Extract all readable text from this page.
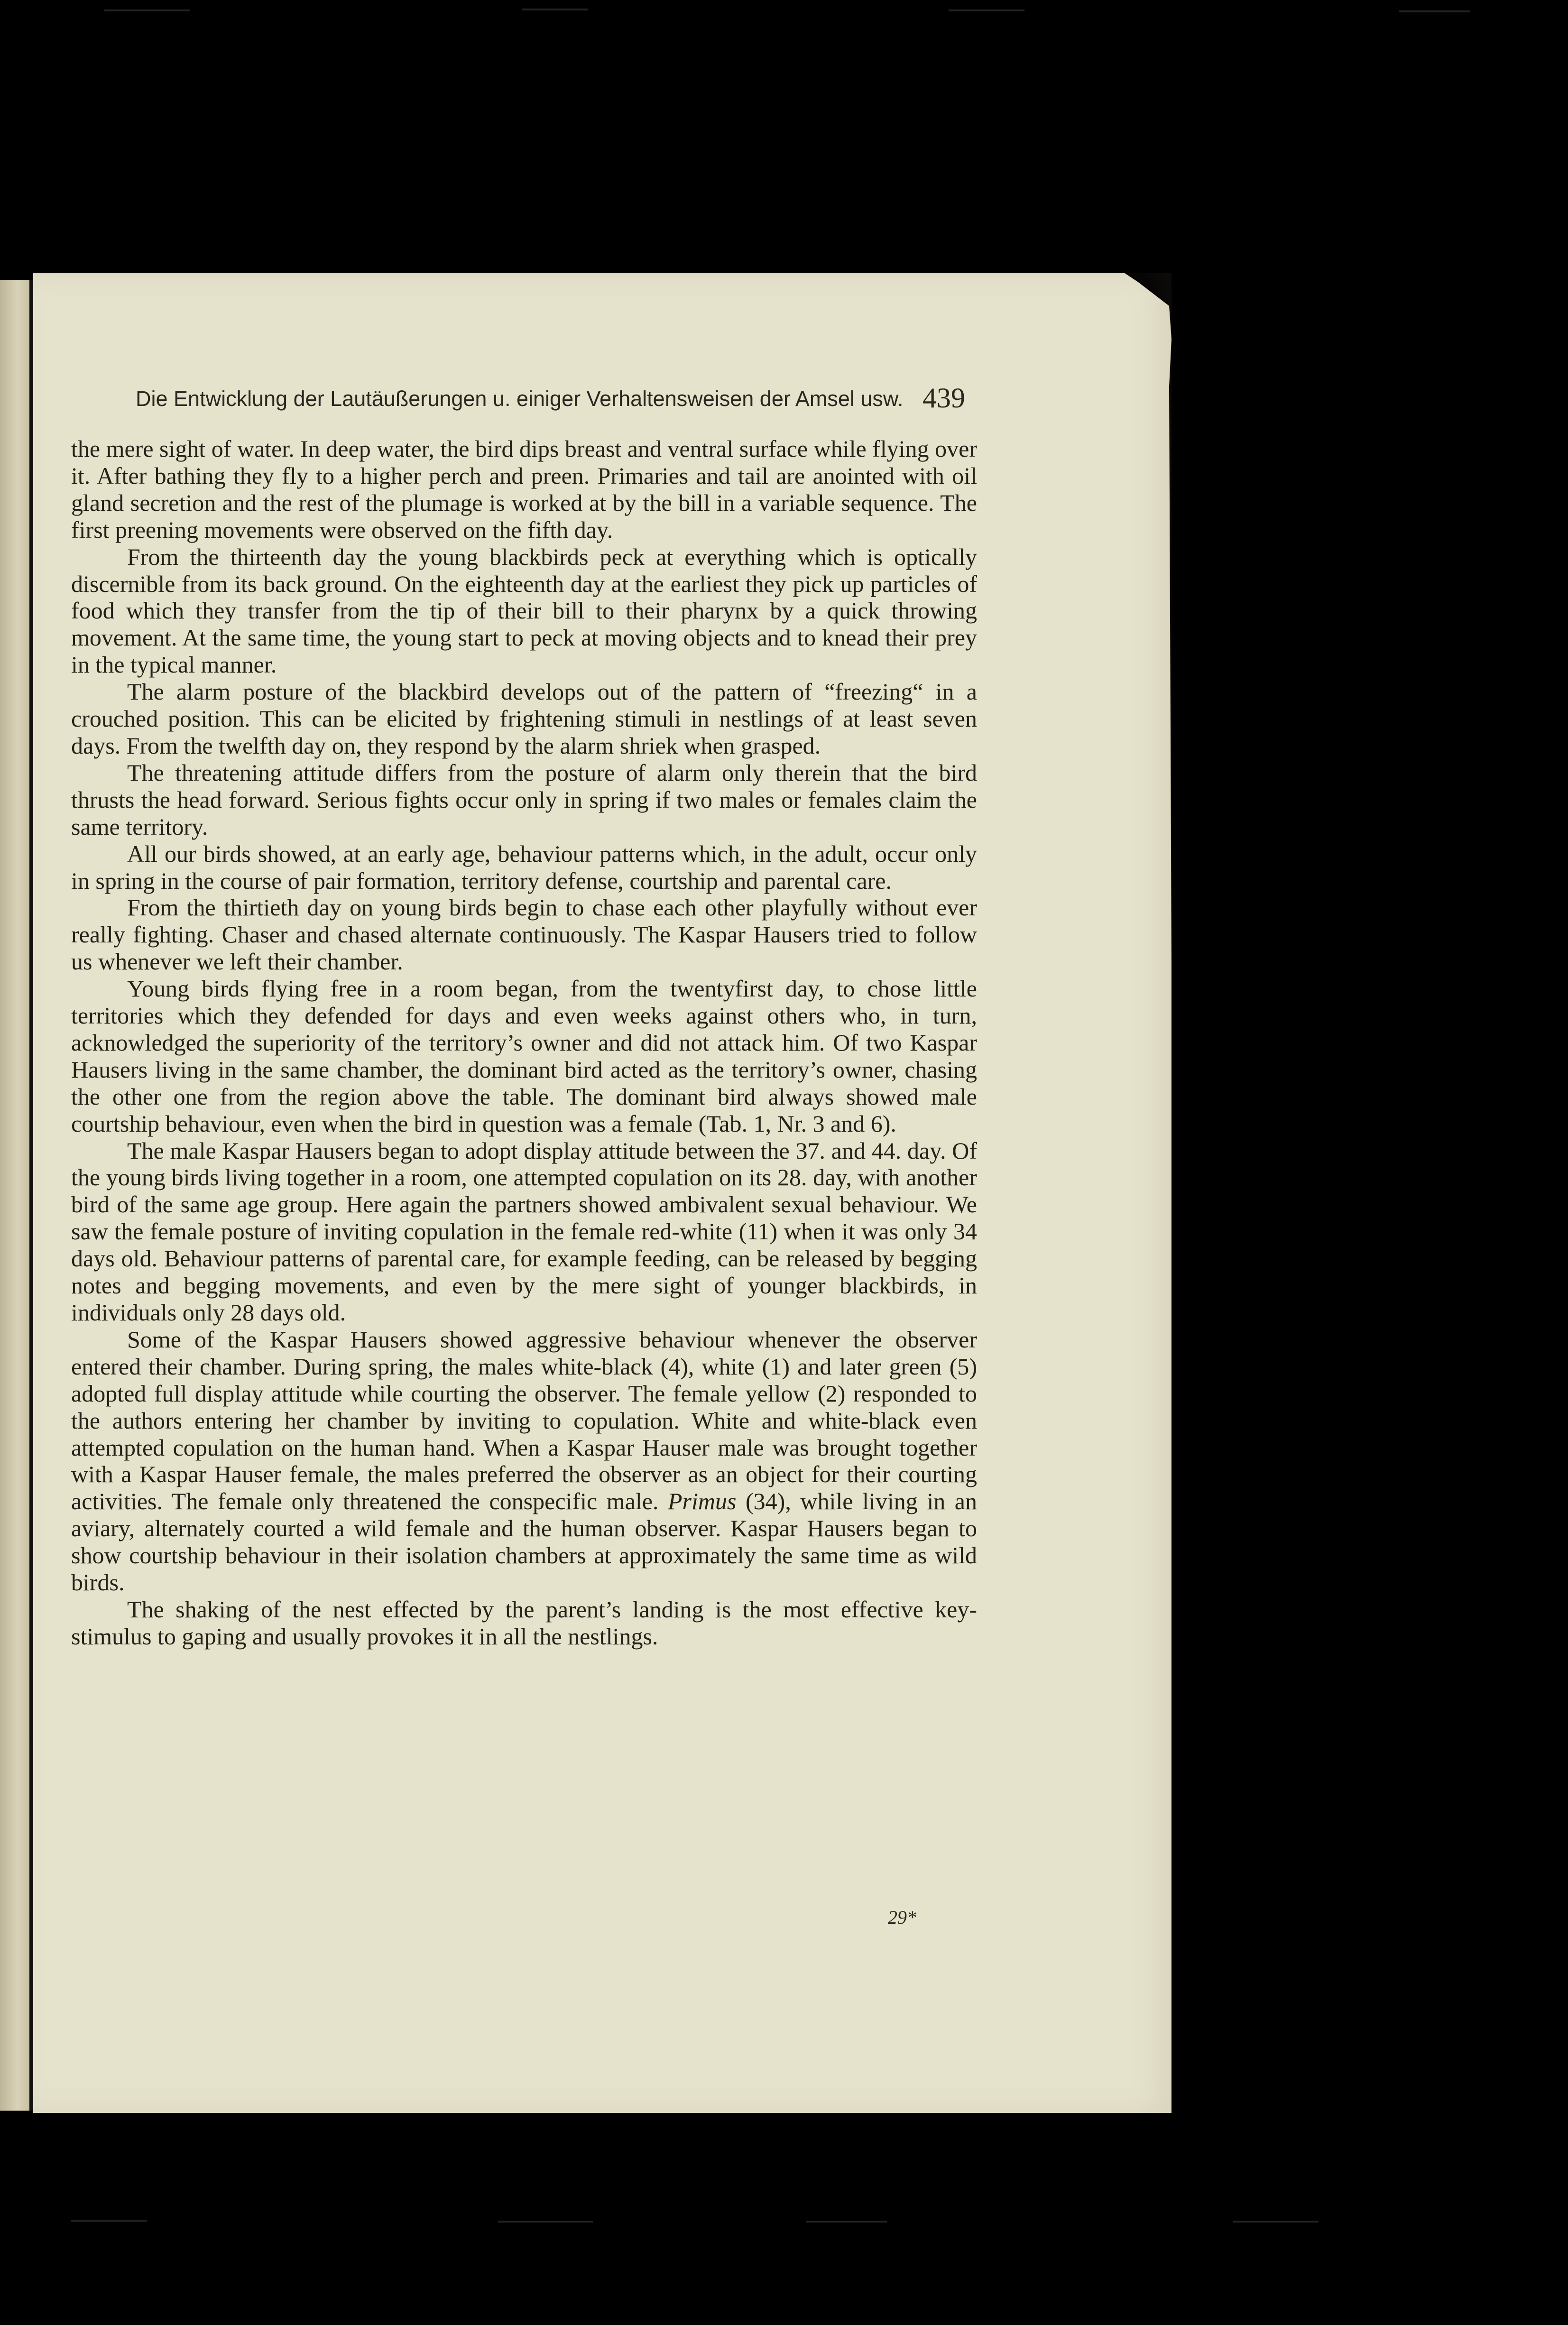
Die Entwicklung der Lautäußerungen u. einiger Verhaltensweisen der Amsel usw. 439

the mere sight of water. In deep water, the bird dips breast and ventral surface while flying over it. After bathing they fly to a higher perch and preen. Primaries and tail are anointed with oil gland secretion and the rest of the plumage is worked at by the bill in a variable sequence. The first preening movements were observed on the fifth day.

From the thirteenth day the young blackbirds peck at everything which is optically discernible from its back ground. On the eighteenth day at the earliest they pick up particles of food which they transfer from the tip of their bill to their pharynx by a quick throwing movement. At the same time, the young start to peck at moving objects and to knead their prey in the typical manner.

The alarm posture of the blackbird develops out of the pattern of “freezing“ in a crouched position. This can be elicited by frightening stimuli in nestlings of at least seven days. From the twelfth day on, they respond by the alarm shriek when grasped.

The threatening attitude differs from the posture of alarm only therein that the bird thrusts the head forward. Serious fights occur only in spring if two males or females claim the same territory.

All our birds showed, at an early age, behaviour patterns which, in the adult, occur only in spring in the course of pair formation, territory defense, courtship and parental care.

From the thirtieth day on young birds begin to chase each other playfully without ever really fighting. Chaser and chased alternate continuously. The Kaspar Hausers tried to follow us whenever we left their chamber.

Young birds flying free in a room began, from the twentyfirst day, to chose little territories which they defended for days and even weeks against others who, in turn, acknowledged the superiority of the territory’s owner and did not attack him. Of two Kaspar Hausers living in the same chamber, the dominant bird acted as the territory’s owner, chasing the other one from the region above the table. The dominant bird always showed male courtship behaviour, even when the bird in question was a female (Tab. 1, Nr. 3 and 6).

The male Kaspar Hausers began to adopt display attitude between the 37. and 44. day. Of the young birds living together in a room, one attempted copulation on its 28. day, with another bird of the same age group. Here again the partners showed ambivalent sexual behaviour. We saw the female posture of inviting copulation in the female red-white (11) when it was only 34 days old. Behaviour patterns of parental care, for example feeding, can be released by begging notes and begging movements, and even by the mere sight of younger blackbirds, in individuals only 28 days old.

Some of the Kaspar Hausers showed aggressive behaviour whenever the observer entered their chamber. During spring, the males white-black (4), white (1) and later green (5) adopted full display attitude while courting the observer. The female yellow (2) responded to the authors entering her chamber by inviting to copulation. White and white-black even attempted copulation on the human hand. When a Kaspar Hauser male was brought together with a Kaspar Hauser female, the males preferred the observer as an object for their courting activities. The female only threatened the conspecific male. Primus (34), while living in an aviary, alternately courted a wild female and the human observer. Kaspar Hausers began to show courtship behaviour in their isolation chambers at approximately the same time as wild birds.

The shaking of the nest effected by the parent’s landing is the most effective key-stimulus to gaping and usually provokes it in all the nestlings.

29*
